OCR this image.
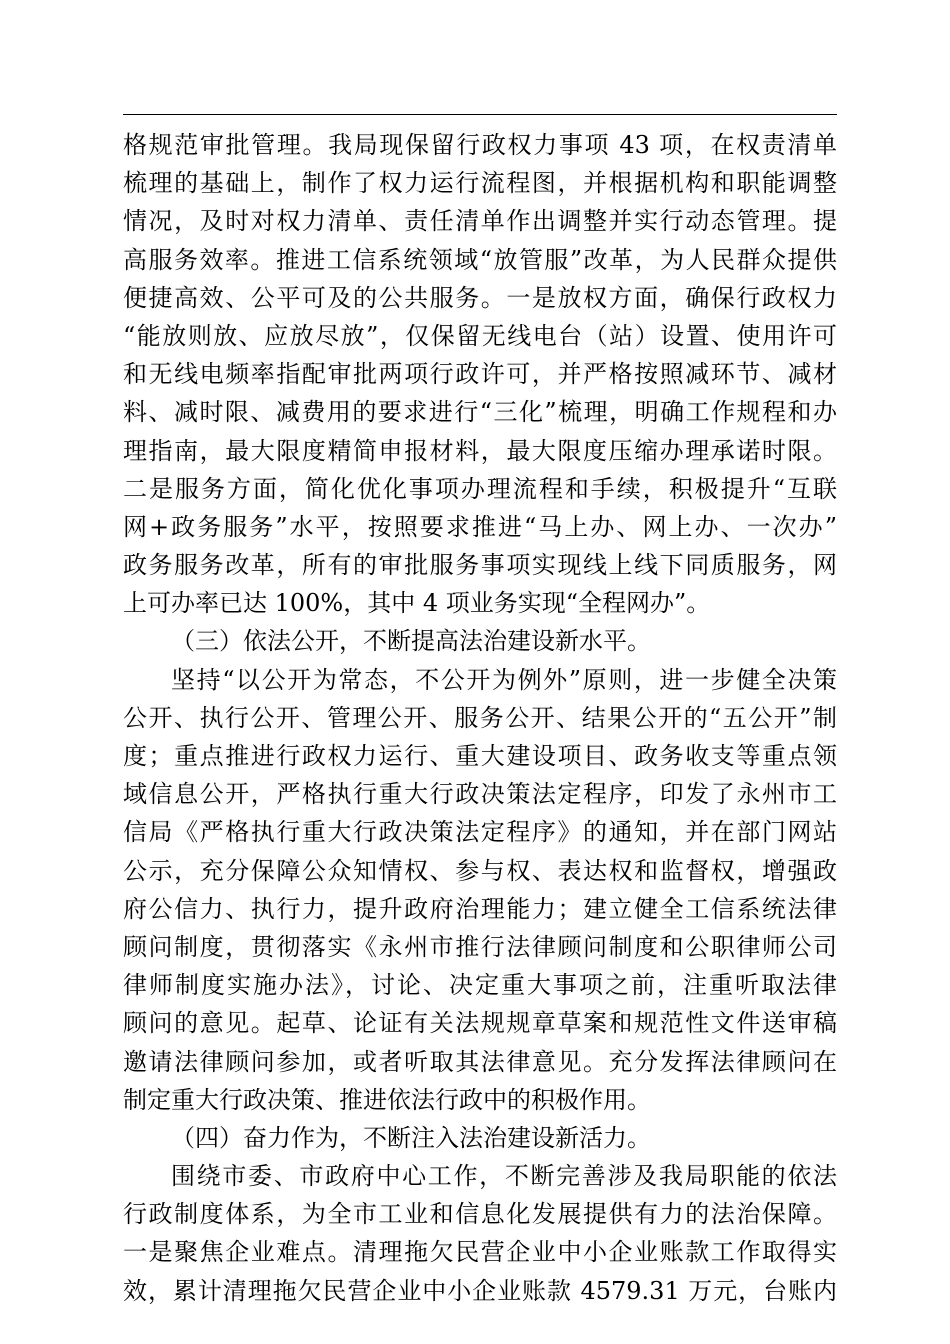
格规范审批管理。我局现保留行政权力事项 43 项，在权责清单
梳理的基础上，制作了权力运行流程图，并根据机构和职能调整
情况，及时对权力清单、责任清单作出调整并实行动态管理。提
高服务效率。推进工信系统领域“放管服”改革，为人民群众提供
便捷高效、公平可及的公共服务。一是放权方面，确保行政权力
“能放则放、应放尽放”，仅保留无线电台（站）设置、使用许可
和无线电频率指配审批两项行政许可，并严格按照减环节、减材
料、减时限、减费用的要求进行“三化”梳理，明确工作规程和办
理指南，最大限度精简申报材料，最大限度压缩办理承诺时限。
二是服务方面，简化优化事项办理流程和手续，积极提升“互联
网+政务服务”水平，按照要求推进“马上办、网上办、一次办”
政务服务改革，所有的审批服务事项实现线上线下同质服务，网
上可办率已达 100%，其中 4 项业务实现“全程网办”。
（三）依法公开，不断提高法治建设新水平。
坚持“以公开为常态，不公开为例外”原则，进一步健全决策
公开、执行公开、管理公开、服务公开、结果公开的“五公开”制
度；重点推进行政权力运行、重大建设项目、政务收支等重点领
域信息公开，严格执行重大行政决策法定程序，印发了永州市工
信局《严格执行重大行政决策法定程序》的通知，并在部门网站
公示，充分保障公众知情权、参与权、表达权和监督权，增强政
府公信力、执行力，提升政府治理能力；建立健全工信系统法律
顾问制度，贯彻落实《永州市推行法律顾问制度和公职律师公司
律师制度实施办法》，讨论、决定重大事项之前，注重听取法律
顾问的意见。起草、论证有关法规规章草案和规范性文件送审稿
邀请法律顾问参加，或者听取其法律意见。充分发挥法律顾问在
制定重大行政决策、推进依法行政中的积极作用。
（四）奋力作为，不断注入法治建设新活力。
围绕市委、市政府中心工作，不断完善涉及我局职能的依法
行政制度体系，为全市工业和信息化发展提供有力的法治保障。
一是聚焦企业难点。清理拖欠民营企业中小企业账款工作取得实
效，累计清理拖欠民营企业中小企业账款 4579.31 万元，台账内
